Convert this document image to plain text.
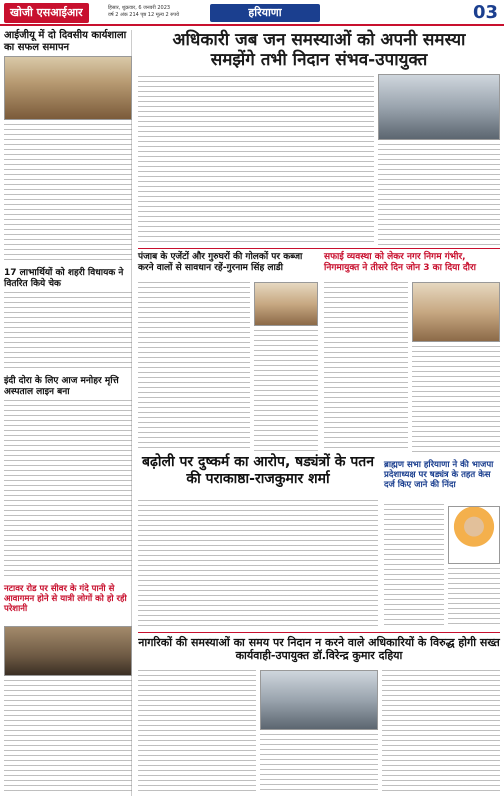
खोजी एसआईआर	हिसार, शुक्रवार, 6 जनवरी 2023
वर्ष 2 अंक 214 पृष्ठ 12 मूल्य 2 रुपये	हरियाणा	03
आईजीयू में दो दिवसीय कार्यशाला का सफल समापन
17 लाभार्थियों को शहरी विधायक ने वितरित किये चेक
इंदी दोरा के लिए आज मनोहर मृत्ति अस्पताल लाइन बना
नटावर रोड पर सीवर के गंदे पानी से आवागमन होने से यात्री लोगों को हो रही परेशानी
अधिकारी जब जन समस्याओं को अपनी समस्या
समझेंगे तभी निदान संभव-उपायुक्त
पंजाब के एजेंटों और गुरुघरों की गोलकों पर कब्जा करने वालों से सावधान रहें-गुरनाम सिंह लाडी
सफाई व्यवस्था को लेकर नगर निगम गंभीर, निगमायुक्त ने तीसरे दिन जोन 3 का दिया दौरा
बढ़ोली पर दुष्कर्म का आरोप, षड्यंत्रों के पतन की पराकाष्ठा-राजकुमार शर्मा
ब्राह्मण सभा हरियाणा ने की भाजपा प्रदेशाध्यक्ष पर षड्यंत्र के तहत केस दर्ज किए जाने की निंदा
नागरिकों की समस्याओं का समय पर निदान न करने वाले अधिकारियों के विरुद्ध होगी सख्त कार्यवाही-उपायुक्त डॉ.विरेन्द्र कुमार दहिया
